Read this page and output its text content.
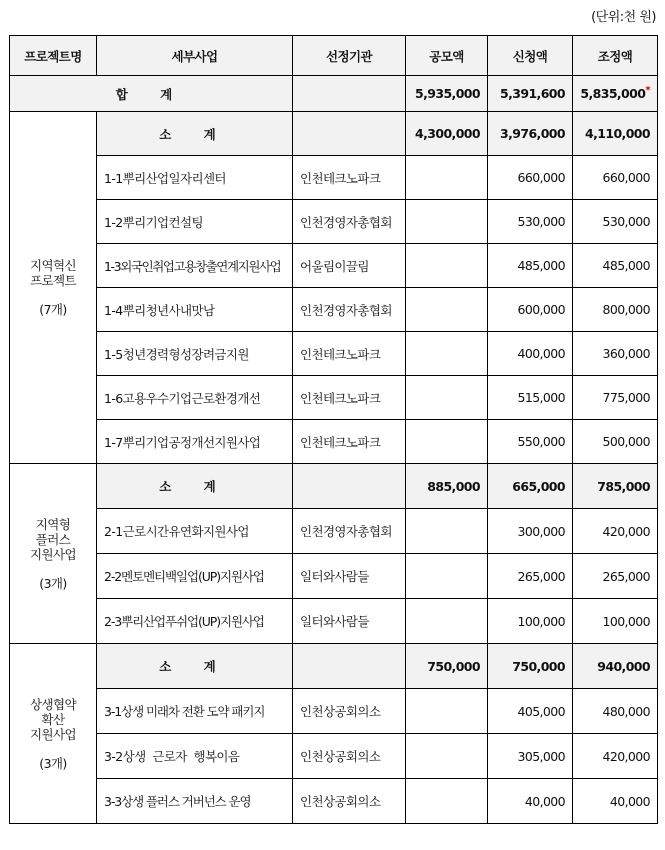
(단위:천 원)
프로젝트명	세부사업	선정기관	공모액	신청액	조정액
합 계			5,935,000	5,391,600	5,835,000*
지역혁신
프로젝트
(7개)	소 계		4,300,000	3,976,000	4,110,000
	1-1뿌리산업일자리센터	인천테크노파크		660,000	660,000
	1-2뿌리기업컨설팅	인천경영자총협회		530,000	530,000
	1-3외국인취업고용창출연계지원사업	어울림이끌림		485,000	485,000
	1-4뿌리청년사내맛남	인천경영자총협회		600,000	800,000
	1-5청년경력형성장려금지원	인천테크노파크		400,000	360,000
	1-6고용우수기업근로환경개선	인천테크노파크		515,000	775,000
	1-7뿌리기업공정개선지원사업	인천테크노파크		550,000	500,000
지역형
플러스
지원사업
(3개)	소 계		885,000	665,000	785,000
	2-1근로시간유연화지원사업	인천경영자총협회		300,000	420,000
	2-2멘토멘티백일업(UP)지원사업	일터와사람들		265,000	265,000
	2-3뿌리산업푸쉬업(UP)지원사업	일터와사람들		100,000	100,000
상생협약
확산
지원사업
(3개)	소 계		750,000	750,000	940,000
	3-1상생 미래차 전환 도약 패키지	인천상공회의소		405,000	480,000
	3-2상생  근로자  행복이음	인천상공회의소		305,000	420,000
	3-3상생 플러스 거버넌스 운영	인천상공회의소		40,000	40,000
